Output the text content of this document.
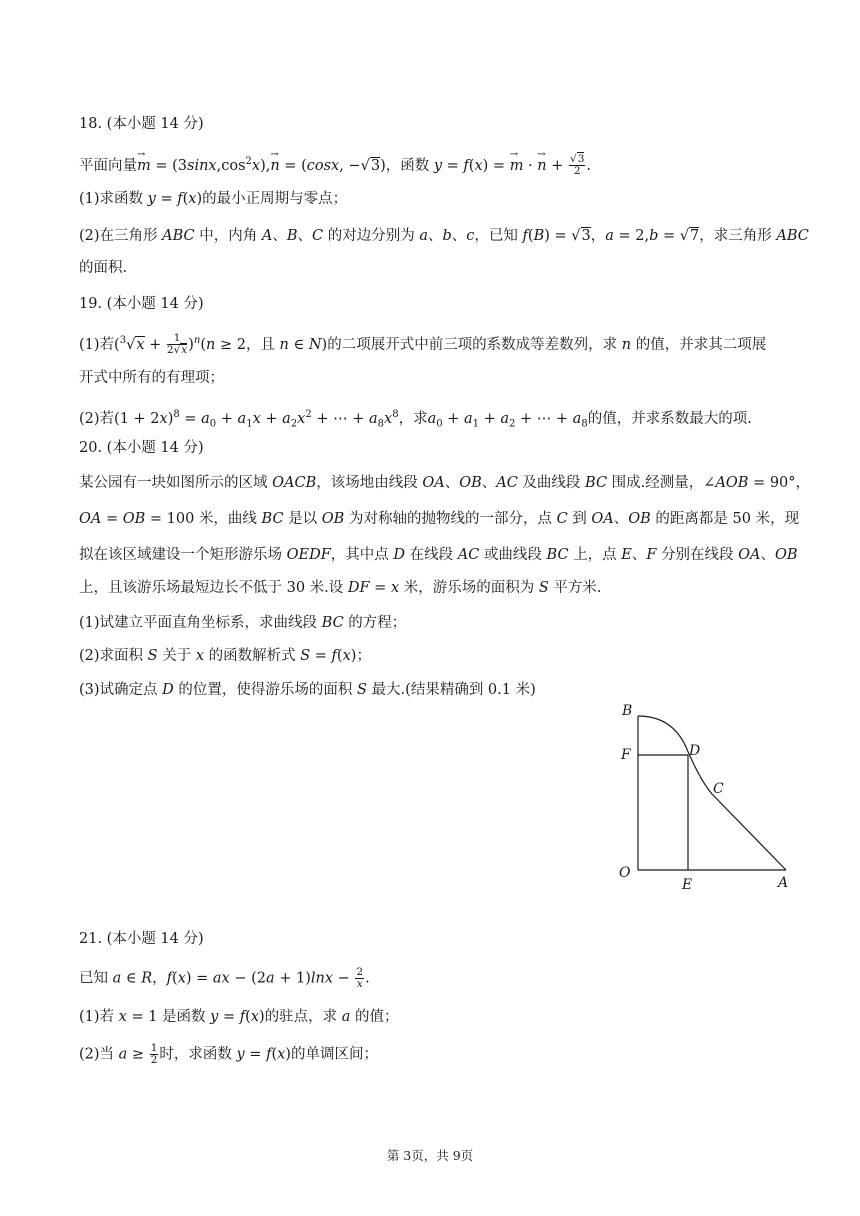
18. (本小题 14 分)
平面向量→ $m = (3\sin x,\cos^2x),\to n = (\cos x$, −√3)，函数 y = f(x) = → m · → $n + \frac{√3}{2}$ .
(1)求函数 y = f(x)的最小正周期与零点；
(2)在三角形 ABC 中，内角 A、B、C 的对边分别为 a、b、c，已知 f(B) = √3，a = 2,b = √7，求三角形 ABC
的面积.
19. (本小题 14 分)
(1)若$(^3√x + \frac{1}{2√x} )^n(n \ge 2$，且 n ∈ N)的二项展开式中前三项的系数成等差数列，求 n 的值，并求其二项展
开式中所有的有理项；
(2)若$(1 + 2x)^8 = a_0 + a_1x + a_2x^2$ + ⋯ + $a_8x^8$，求$a_0 + a_1 + a_2$ + ⋯ + $a_8$的值，并求系数最大的项.
20. (本小题 14 分)
某公园有一块如图所示的区域 OACB，该场地由线段 OA、OB、AC 及曲线段 BC 围成.经测量，∠AOB = 90°，
OA = OB = 100 米，曲线 BC 是以 OB 为对称轴的抛物线的一部分，点 C 到 OA、OB 的距离都是 50 米，现
拟在该区域建设一个矩形游乐场 OEDF，其中点 D 在线段 AC 或曲线段 BC 上，点 E、F 分别在线段 OA、OB
上，且该游乐场最短边长不低于 30 米.设 DF = x 米，游乐场的面积为 S 平方米.
(1)试建立平面直角坐标系，求曲线段 BC 的方程；
(2)求面积 S 关于 x 的函数解析式 S = f(x)；
(3)试确定点 D 的位置，使得游乐场的面积 S 最大.(结果精确到 0.1 米)
B
F	D
C
O
E	A
21. (本小题 14 分)
已知 a ∈ R，f(x) = ax − $(2a + 1)\ln x - \frac{2}{x}$ .
(1)若 x = 1 是函数 y = f(x)的驻点，求 a 的值；
(2)当 $a \ge \frac{1}{2}$ 时，求函数 y = f(x)的单调区间；
第 3页，共 9页
